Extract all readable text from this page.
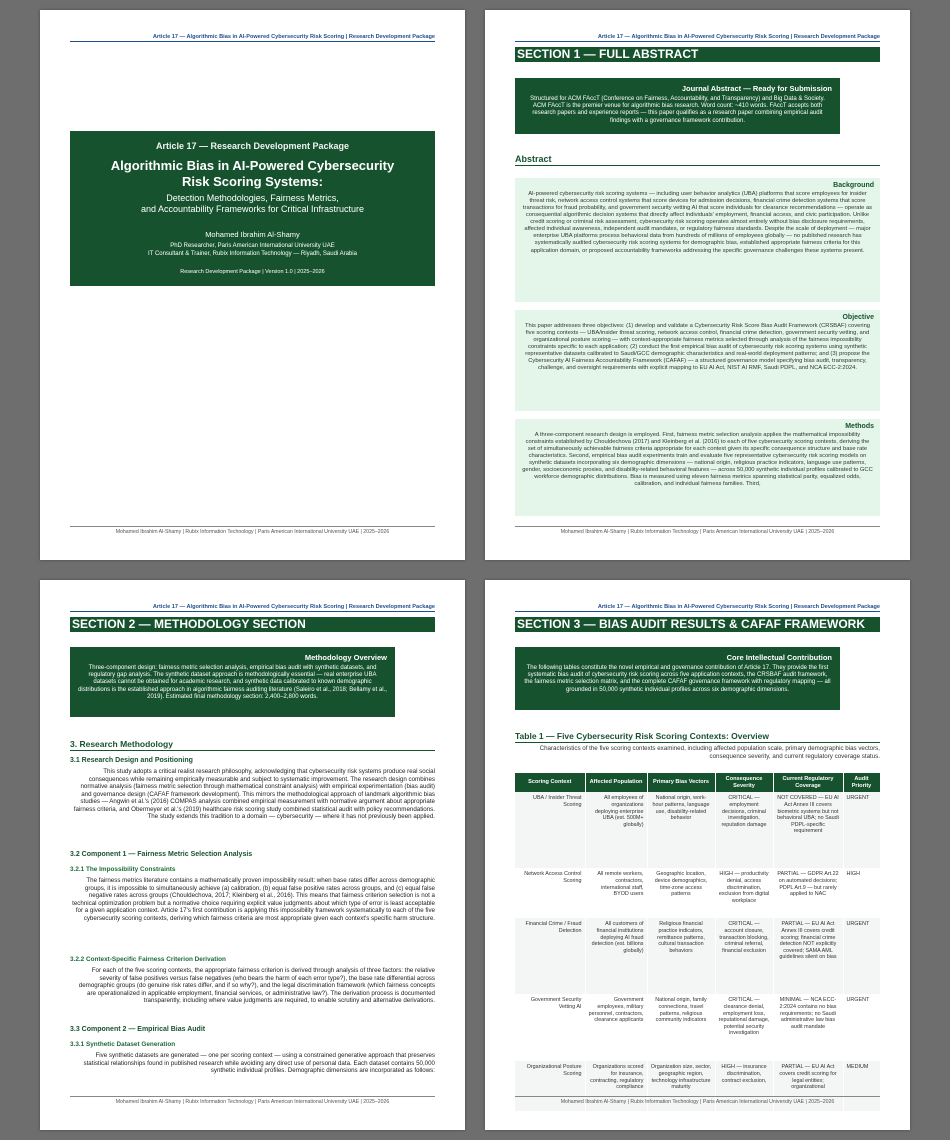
Article 17 — Algorithmic Bias in AI-Powered Cybersecurity Risk Scoring | Research Development Package
Article 17 — Research Development Package
Algorithmic Bias in AI-Powered Cybersecurity
Risk Scoring Systems:
Detection Methodologies, Fairness Metrics,
and Accountability Frameworks for Critical Infrastructure
Mohamed Ibrahim Al-Shamy
PhD Researcher, Paris American International University UAE
IT Consultant & Trainer, Rubix Information Technology — Riyadh, Saudi Arabia
Research Development Package | Version 1.0 | 2025–2026
Mohamed Ibrahim Al-Shamy | Rubix Information Technology | Paris American International University UAE | 2025–2026
Article 17 — Algorithmic Bias in AI-Powered Cybersecurity Risk Scoring | Research Development Package
SECTION 1 — FULL ABSTRACT
Journal Abstract — Ready for Submission
Structured for ACM FAccT (Conference on Fairness, Accountability, and Transparency) and Big Data & Society. ACM FAccT is the premier venue for algorithmic bias research. Word count: ~410 words. FAccT accepts both research papers and experience reports — this paper qualifies as a research paper combining empirical audit findings with a governance framework contribution.
Abstract
Background
AI-powered cybersecurity risk scoring systems — including user behavior analytics (UBA) platforms that score employees for insider threat risk, network access control systems that score devices for admission decisions, financial crime detection systems that score transactions for fraud probability, and government security vetting AI that score individuals for clearance recommendations — operate as consequential algorithmic decision systems that directly affect individuals' employment, financial access, and civic participation. Unlike credit scoring or criminal risk assessment, cybersecurity risk scoring operates almost entirely without bias disclosure requirements, affected individual awareness, independent audit mandates, or regulatory fairness standards. Despite the scale of deployment — major enterprise UBA platforms process behavioral data from hundreds of millions of employees globally — no published research has systematically audited cybersecurity risk scoring systems for demographic bias, established appropriate fairness criteria for this application domain, or proposed accountability frameworks addressing the specific governance challenges these systems present.
Objective
This paper addresses three objectives: (1) develop and validate a Cybersecurity Risk Score Bias Audit Framework (CRSBAF) covering five scoring contexts — UBA/insider threat scoring, network access control, financial crime detection, government security vetting, and organizational posture scoring — with context-appropriate fairness metrics selected through analysis of the fairness impossibility constraints specific to each application; (2) conduct the first empirical bias audit of cybersecurity risk scoring systems using synthetic representative datasets calibrated to Saudi/GCC demographic characteristics and real-world deployment patterns; and (3) propose the Cybersecurity AI Fairness Accountability Framework (CAFAF) — a structured governance model specifying bias audit, transparency, challenge, and oversight requirements with explicit mapping to EU AI Act, NIST AI RMF, Saudi PDPL, and NCA ECC-2:2024.
Methods
A three-component research design is employed. First, fairness metric selection analysis applies the mathematical impossibility constraints established by Chouldechova (2017) and Kleinberg et al. (2016) to each of five cybersecurity scoring contexts, deriving the set of simultaneously achievable fairness criteria appropriate for each context given its specific consequence structure and base rate characteristics. Second, empirical bias audit experiments train and evaluate five representative cybersecurity risk scoring models on synthetic datasets incorporating six demographic dimensions — national origin, religious practice indicators, language use patterns, gender, socioeconomic proxies, and disability-related behavioral features — across 50,000 synthetic individual profiles calibrated to GCC workforce demographic distributions. Bias is measured using eleven fairness metrics spanning statistical parity, equalized odds, calibration, and individual fairness families. Third,
Mohamed Ibrahim Al-Shamy | Rubix Information Technology | Paris American International University UAE | 2025–2026
Article 17 — Algorithmic Bias in AI-Powered Cybersecurity Risk Scoring | Research Development Package
SECTION 2 — METHODOLOGY SECTION
Methodology Overview
Three-component design: fairness metric selection analysis, empirical bias audit with synthetic datasets, and regulatory gap analysis. The synthetic dataset approach is methodologically essential — real enterprise UBA datasets cannot be obtained for academic research, and synthetic data calibrated to known demographic distributions is the established approach in algorithmic fairness auditing literature (Saleiro et al., 2018; Bellamy et al., 2019). Estimated final methodology section: 2,400–2,800 words.
3. Research Methodology
3.1 Research Design and Positioning
This study adopts a critical realist research philosophy, acknowledging that cybersecurity risk systems produce real social consequences while remaining empirically measurable and subject to systematic improvement. The research design combines normative analysis (fairness metric selection through mathematical constraint analysis) with empirical experimentation (bias audit) and governance design (CAFAF framework development). This mirrors the methodological approach of landmark algorithmic bias studies — Angwin et al.'s (2016) COMPAS analysis combined empirical measurement with normative argument about appropriate fairness criteria, and Obermeyer et al.'s (2019) healthcare risk scoring study combined statistical audit with policy recommendations. The study extends this tradition to a domain — cybersecurity — where it has not previously been applied.
3.2 Component 1 — Fairness Metric Selection Analysis
3.2.1 The Impossibility Constraints
The fairness metrics literature contains a mathematically proven impossibility result: when base rates differ across demographic groups, it is impossible to simultaneously achieve (a) calibration, (b) equal false positive rates across groups, and (c) equal false negative rates across groups (Chouldechova, 2017; Kleinberg et al., 2016). This means that fairness criterion selection is not a technical optimization problem but a normative choice requiring explicit value judgments about which type of error is least acceptable for a given application context. Article 17's first contribution is applying this impossibility framework systematically to each of the five cybersecurity scoring contexts, deriving which fairness criteria are most appropriate given each context's specific harm structure.
3.2.2 Context-Specific Fairness Criterion Derivation
For each of the five scoring contexts, the appropriate fairness criterion is derived through analysis of three factors: the relative severity of false positives versus false negatives (who bears the harm of each error type?), the base rate differential across demographic groups (do genuine risk rates differ, and if so why?), and the legal discrimination framework (which fairness concepts are operationalized in applicable employment, financial services, or administrative law?). The derivation process is documented transparently, including where value judgments are required, to enable scrutiny and alternative derivations.
3.3 Component 2 — Empirical Bias Audit
3.3.1 Synthetic Dataset Generation
Five synthetic datasets are generated — one per scoring context — using a constrained generative approach that preserves statistical relationships found in published research while avoiding any direct use of personal data. Each dataset contains 50,000 synthetic individual profiles. Demographic dimensions are incorporated as follows:
Mohamed Ibrahim Al-Shamy | Rubix Information Technology | Paris American International University UAE | 2025–2026
Article 17 — Algorithmic Bias in AI-Powered Cybersecurity Risk Scoring | Research Development Package
SECTION 3 — BIAS AUDIT RESULTS & CAFAF FRAMEWORK
Core Intellectual Contribution
The following tables constitute the novel empirical and governance contribution of Article 17. They provide the first systematic bias audit of cybersecurity risk scoring across five application contexts, the CRSBAF audit framework, the fairness metric selection matrix, and the complete CAFAF governance framework with regulatory mapping — all grounded in 50,000 synthetic individual profiles across six demographic dimensions.
Table 1 — Five Cybersecurity Risk Scoring Contexts: Overview
Characteristics of the five scoring contexts examined, including affected population scale, primary demographic bias vectors, consequence severity, and current regulatory coverage status.
Scoring Context	Affected Population	Primary Bias Vectors	Consequence Severity	Current Regulatory Coverage	Audit Priority
UBA / Insider Threat Scoring	All employees of organizations deploying enterprise UBA (est. 500M+ globally)	National origin, work-hour patterns, language use, disability-related behavior	CRITICAL — employment decisions, criminal investigation, reputation damage	NOT COVERED — EU AI Act Annex III covers biometric systems but not behavioral UBA; no Saudi PDPL-specific requirement	URGENT
Network Access Control Scoring	All remote workers, contractors, international staff, BYOD users	Geographic location, device demographics, time-zone access patterns	HIGH — productivity denial, access discrimination, exclusion from digital workplace	PARTIAL — GDPR Art.22 on automated decisions; PDPL Art.9 — but rarely applied to NAC	HIGH
Financial Crime / Fraud Detection	All customers of financial institutions deploying AI fraud detection (est. billions globally)	Religious financial practice indicators, remittance patterns, cultural transaction behaviors	CRITICAL — account closure, transaction blocking, criminal referral, financial exclusion	PARTIAL — EU AI Act Annex III covers credit scoring; financial crime detection NOT explicitly covered; SAMA AML guidelines silent on bias	URGENT
Government Security Vetting AI	Government employees, military personnel, contractors, clearance applicants	National origin, family connections, travel patterns, religious community indicators	CRITICAL — clearance denial, employment loss, reputational damage, potential security investigation	MINIMAL — NCA ECC-2:2024 contains no bias requirements; no Saudi administrative law bias audit mandate	URGENT
Organizational Posture Scoring	Organizations scored for insurance, contracting, regulatory compliance	Organization size, sector, geographic region, technology infrastructure maturity	HIGH — insurance discrimination, contract exclusion,	PARTIAL — EU AI Act covers credit scoring for legal entities; organizational	MEDIUM
Mohamed Ibrahim Al-Shamy | Rubix Information Technology | Paris American International University UAE | 2025–2026
